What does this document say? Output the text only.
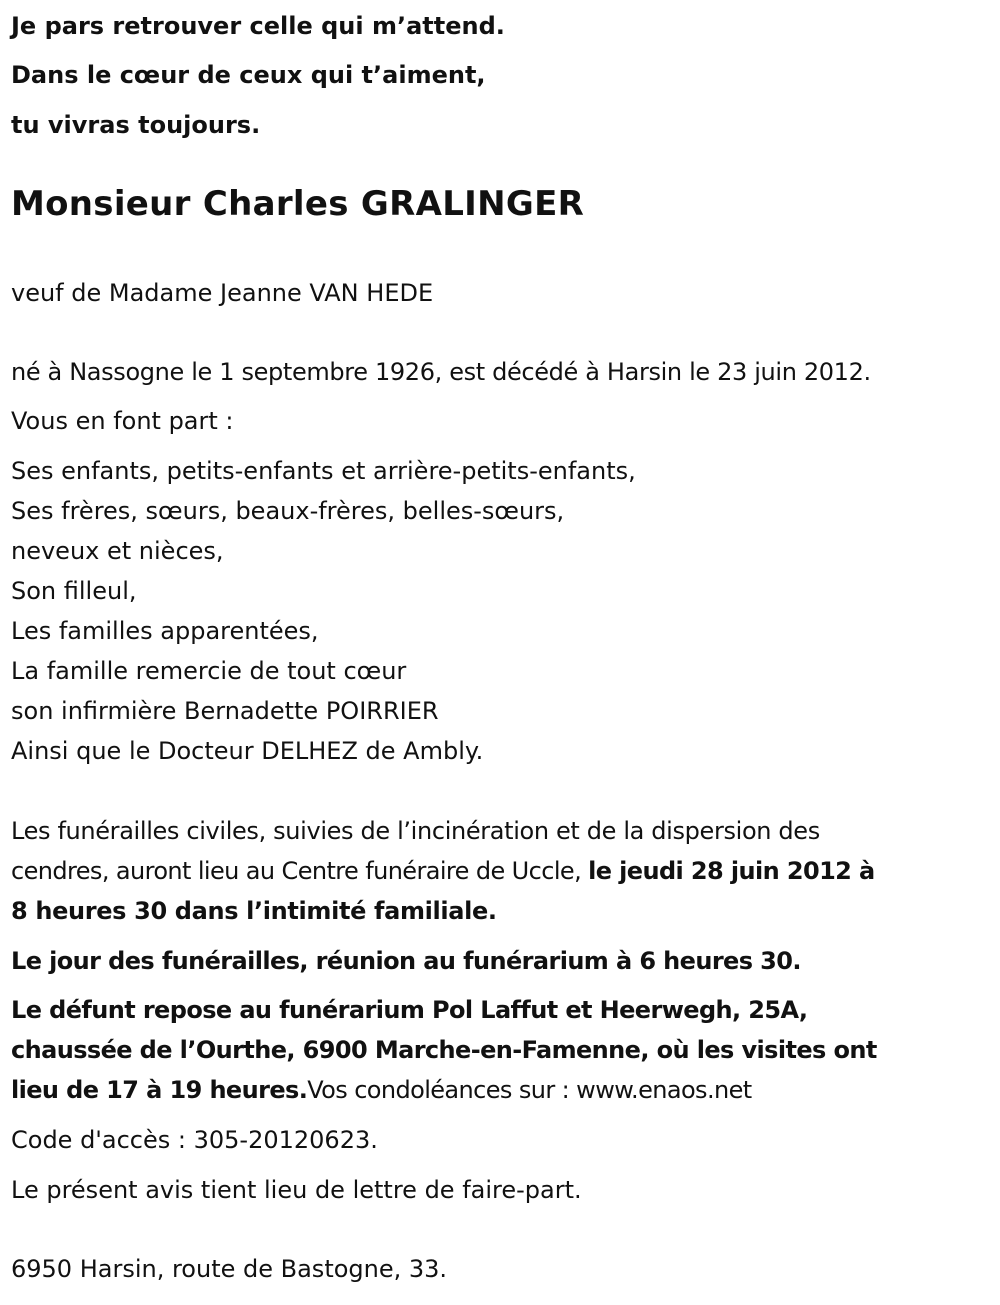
Je pars retrouver celle qui m’attend.
Dans le cœur de ceux qui t’aiment,
tu vivras toujours.
Monsieur Charles GRALINGER
veuf de Madame Jeanne VAN HEDE
né à Nassogne le 1 septembre 1926, est décédé à Harsin le 23 juin 2012.
Vous en font part :
Ses enfants, petits-enfants et arrière-petits-enfants,
Ses frères, sœurs, beaux-frères, belles-sœurs,
neveux et nièces,
Son filleul,
Les familles apparentées,
La famille remercie de tout cœur
son infirmière Bernadette POIRRIER
Ainsi que le Docteur DELHEZ de Ambly.
Les funérailles civiles, suivies de l’incinération et de la dispersion des
cendres, auront lieu au Centre funéraire de Uccle, le jeudi 28 juin 2012 à
8 heures 30 dans l’intimité familiale.
Le jour des funérailles, réunion au funérarium à 6 heures 30.
Le défunt repose au funérarium Pol Laffut et Heerwegh, 25A,
chaussée de l’Ourthe, 6900 Marche-en-Famenne, où les visites ont
lieu de 17 à 19 heures.Vos condoléances sur : www.enaos.net
Code d'accès : 305-20120623.
Le présent avis tient lieu de lettre de faire-part.
6950 Harsin, route de Bastogne, 33.
